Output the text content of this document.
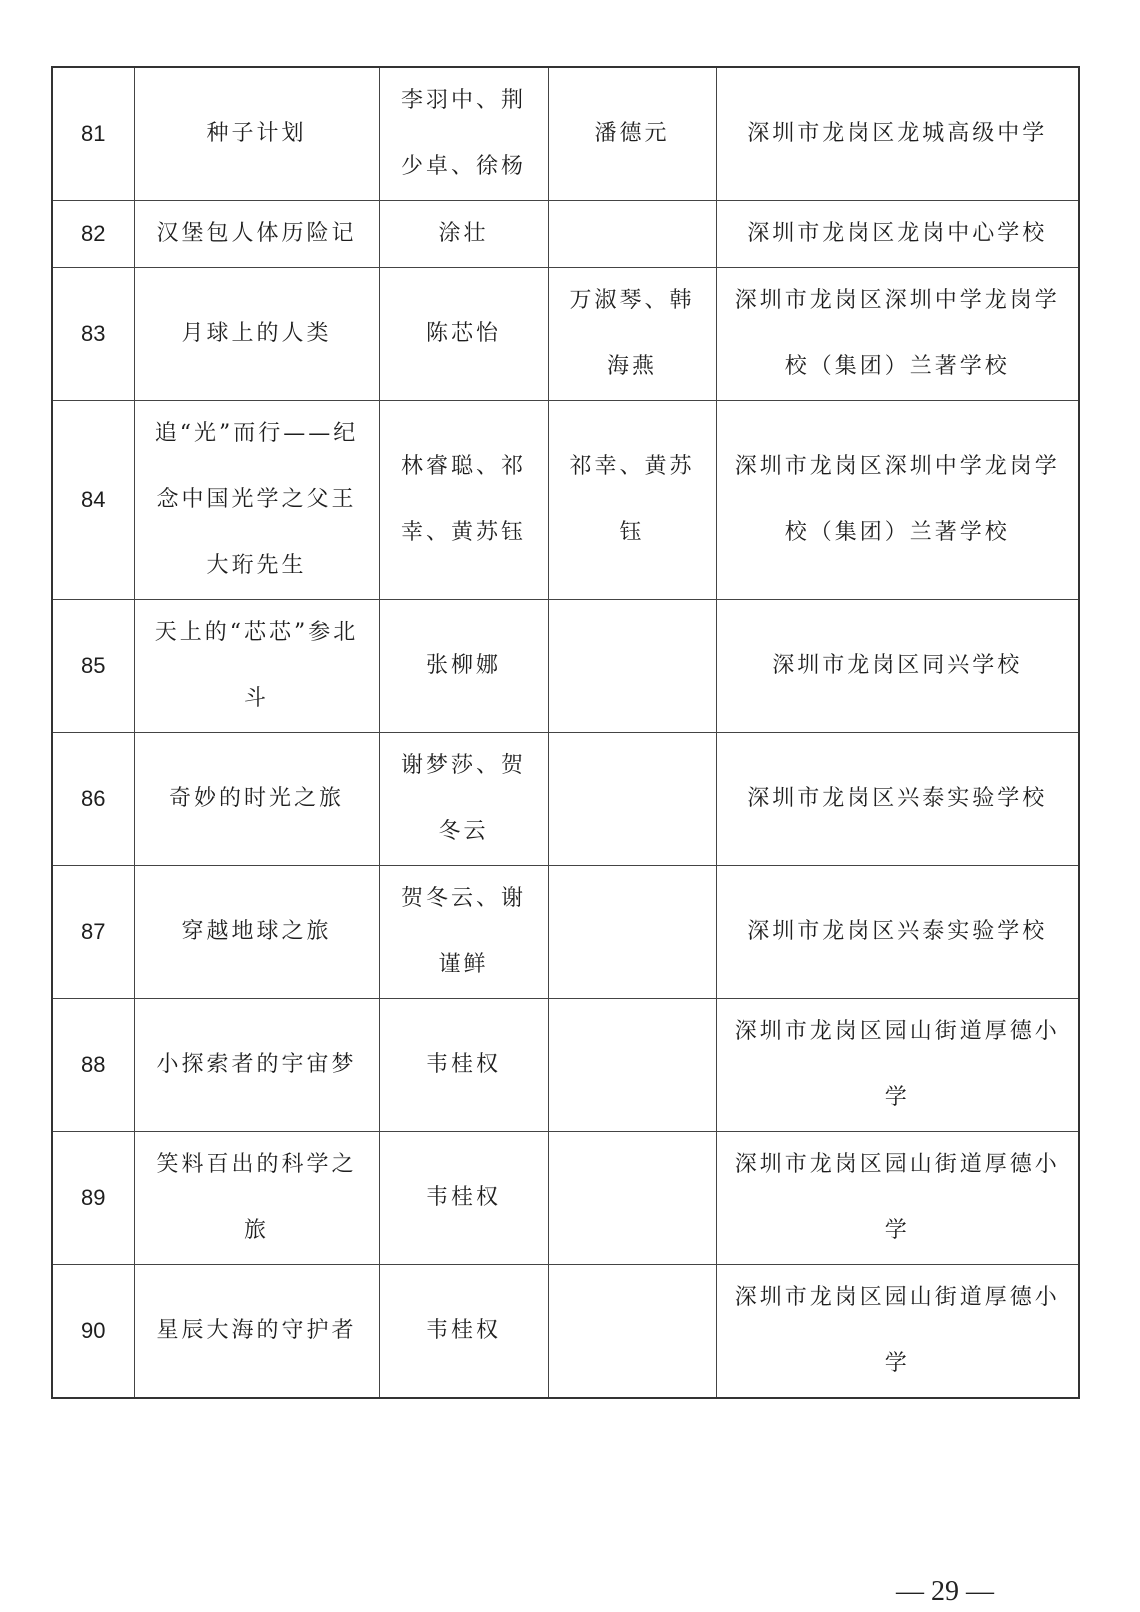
81	种子计划	李羽中、荆少卓、徐杨	潘德元	深圳市龙岗区龙城高级中学
82	汉堡包人体历险记	涂壮		深圳市龙岗区龙岗中心学校
83	月球上的人类	陈芯怡	万淑琴、韩海燕	深圳市龙岗区深圳中学龙岗学校（集团）兰著学校
84	追“光”而行——纪念中国光学之父王大珩先生	林睿聪、祁幸、黄苏钰	祁幸、黄苏钰	深圳市龙岗区深圳中学龙岗学校（集团）兰著学校
85	天上的“芯芯”参北斗	张柳娜		深圳市龙岗区同兴学校
86	奇妙的时光之旅	谢梦莎、贺冬云		深圳市龙岗区兴泰实验学校
87	穿越地球之旅	贺冬云、谢谨鲜		深圳市龙岗区兴泰实验学校
88	小探索者的宇宙梦	韦桂权		深圳市龙岗区园山街道厚德小学
89	笑料百出的科学之旅	韦桂权		深圳市龙岗区园山街道厚德小学
90	星辰大海的守护者	韦桂权		深圳市龙岗区园山街道厚德小学
— 29 —
